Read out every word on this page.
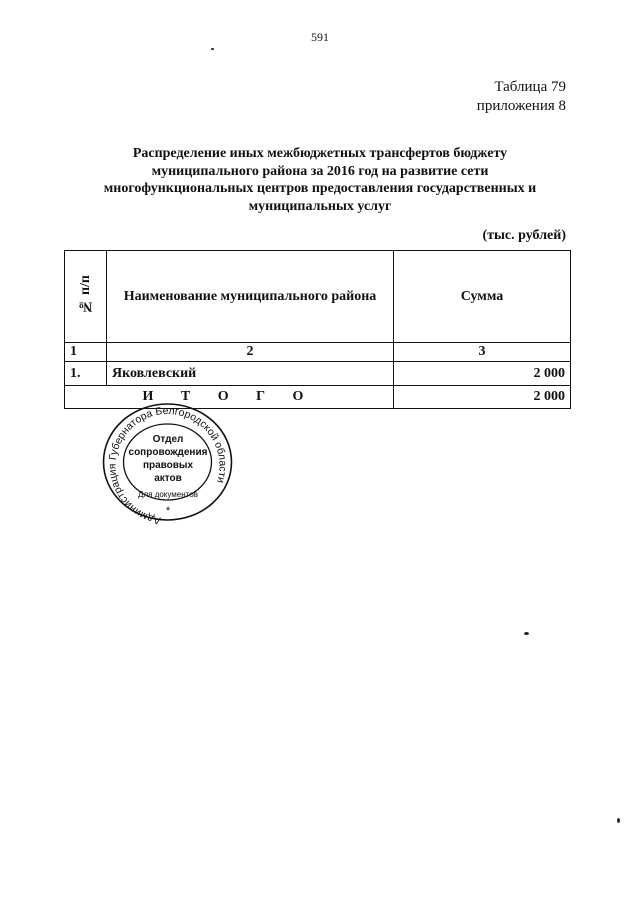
591
Таблица 79
приложения 8
Распределение иных межбюджетных трансфертов бюджету
муниципального района за 2016 год на развитие сети
многофункциональных центров предоставления государственных и
муниципальных услуг
(тыс. рублей)
№ п/п	Наименование муниципального района	Сумма
1	2	3
1.	Яковлевский	2 000
И Т О Г О		2 000
Администрация Губернатора Белгородской области
Отдел
сопровождения
правовых
актов
Для документов
*
